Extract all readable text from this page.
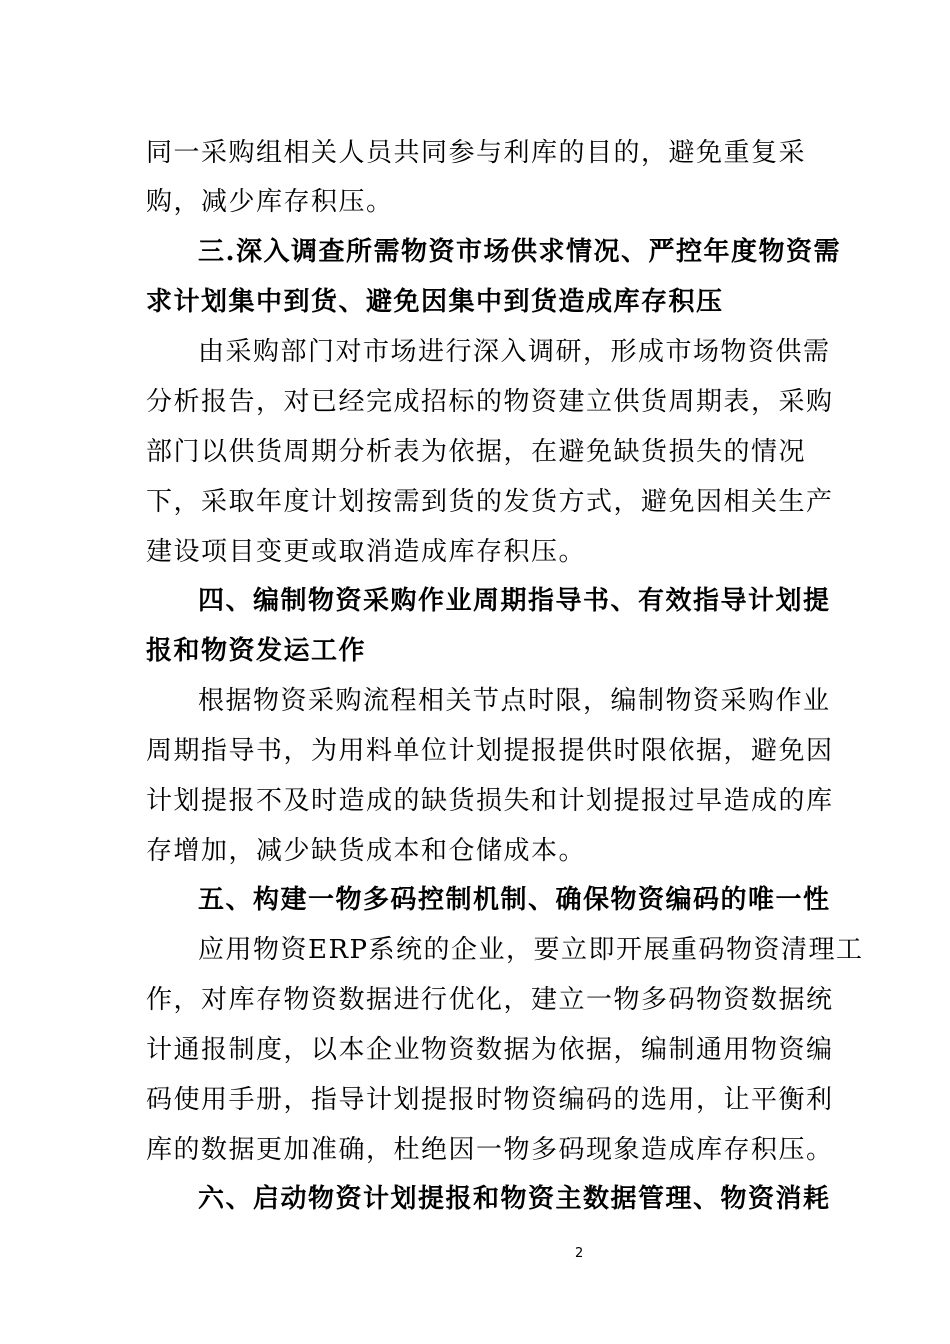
同一采购组相关人员共同参与利库的目的，避免重复采
购，减少库存积压。
三.深入调查所需物资市场供求情况、严控年度物资需
求计划集中到货、避免因集中到货造成库存积压
由采购部门对市场进行深入调研，形成市场物资供需
分析报告，对已经完成招标的物资建立供货周期表，采购
部门以供货周期分析表为依据，在避免缺货损失的情况
下，采取年度计划按需到货的发货方式，避免因相关生产
建设项目变更或取消造成库存积压。
四、编制物资采购作业周期指导书、有效指导计划提
报和物资发运工作
根据物资采购流程相关节点时限，编制物资采购作业
周期指导书，为用料单位计划提报提供时限依据，避免因
计划提报不及时造成的缺货损失和计划提报过早造成的库
存增加，减少缺货成本和仓储成本。
五、构建一物多码控制机制、确保物资编码的唯一性
应用物资ERP系统的企业，要立即开展重码物资清理工
作，对库存物资数据进行优化，建立一物多码物资数据统
计通报制度，以本企业物资数据为依据，编制通用物资编
码使用手册，指导计划提报时物资编码的选用，让平衡利
库的数据更加准确，杜绝因一物多码现象造成库存积压。
六、启动物资计划提报和物资主数据管理、物资消耗
2
